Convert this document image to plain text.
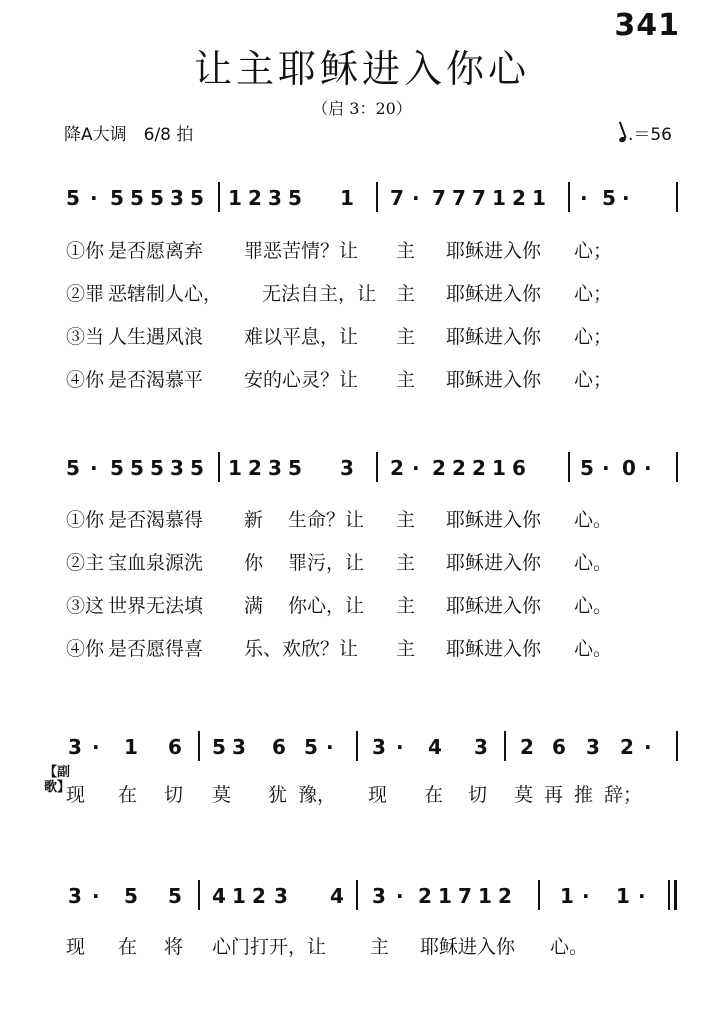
341
让主耶稣进入你心
（启 3：20）
降A大调　6/8 拍	.＝56
5 · 5 5 5 3 5 1 2 3 5 1 7 · 7 7 7 1 2 1 · 5 ·
①你 是否愿离弃 罪恶苦情？让 主 耶稣进入你 心；
②罪 恶辖制人心， 无法自主，让 主 耶稣进入你 心；
③当 人生遇风浪 难以平息，让 主 耶稣进入你 心；
④你 是否渴慕平 安的心灵？让 主 耶稣进入你 心；
5 · 5 5 5 3 5 1 2 3 5 3 2 · 2 2 2 1 6	5 · 0 ·
①你 是否渴慕得 新 生命？让 主 耶稣进入你 心。
②主 宝血泉源洗 你 罪污，让 主 耶稣进入你 心。
③这 世界无法填 满 你心，让 主 耶稣进入你 心。
④你 是否愿得喜 乐、欢欣？让 主 耶稣进入你 心。
3 · 1 6 5 3 6 5 · 3 · 4 3 2 6 3 2 ·
【副歌】
现 在 切 莫 犹 豫， 现 在 切 莫 再 推 辞；
3 · 5 5 4 1 2 3 4 3 · 2 1 7 1 2 1 · 1 ·
现 在 将 心门打开，让 主 耶稣进入你 心。
